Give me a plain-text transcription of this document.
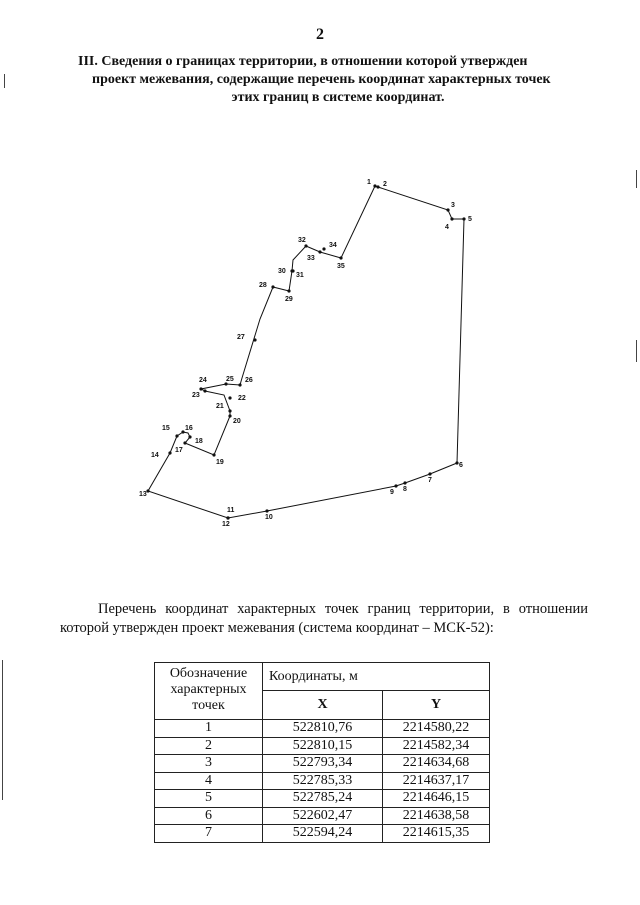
2
III. Сведения о границах территории, в отношении которой утвержден
проект межевания, содержащие перечень координат характерных точек
этих границ в системе координат.
1 2
3
4
5
6
7
8
9
10
11
12
13
14
15 16
17
18
19
20
21
22
23
24	25 26
27
28
29
30
31
32
33
34
35
Перечень координат характерных точек границ территории, в отношении которой утвержден проект межевания (система координат – МСК-52):
Обозначение характерных точек	Координаты, м	
	X	Y
1	522810,76	2214580,22
2	522810,15	2214582,34
3	522793,34	2214634,68
4	522785,33	2214637,17
5	522785,24	2214646,15
6	522602,47	2214638,58
7	522594,24	2214615,35
